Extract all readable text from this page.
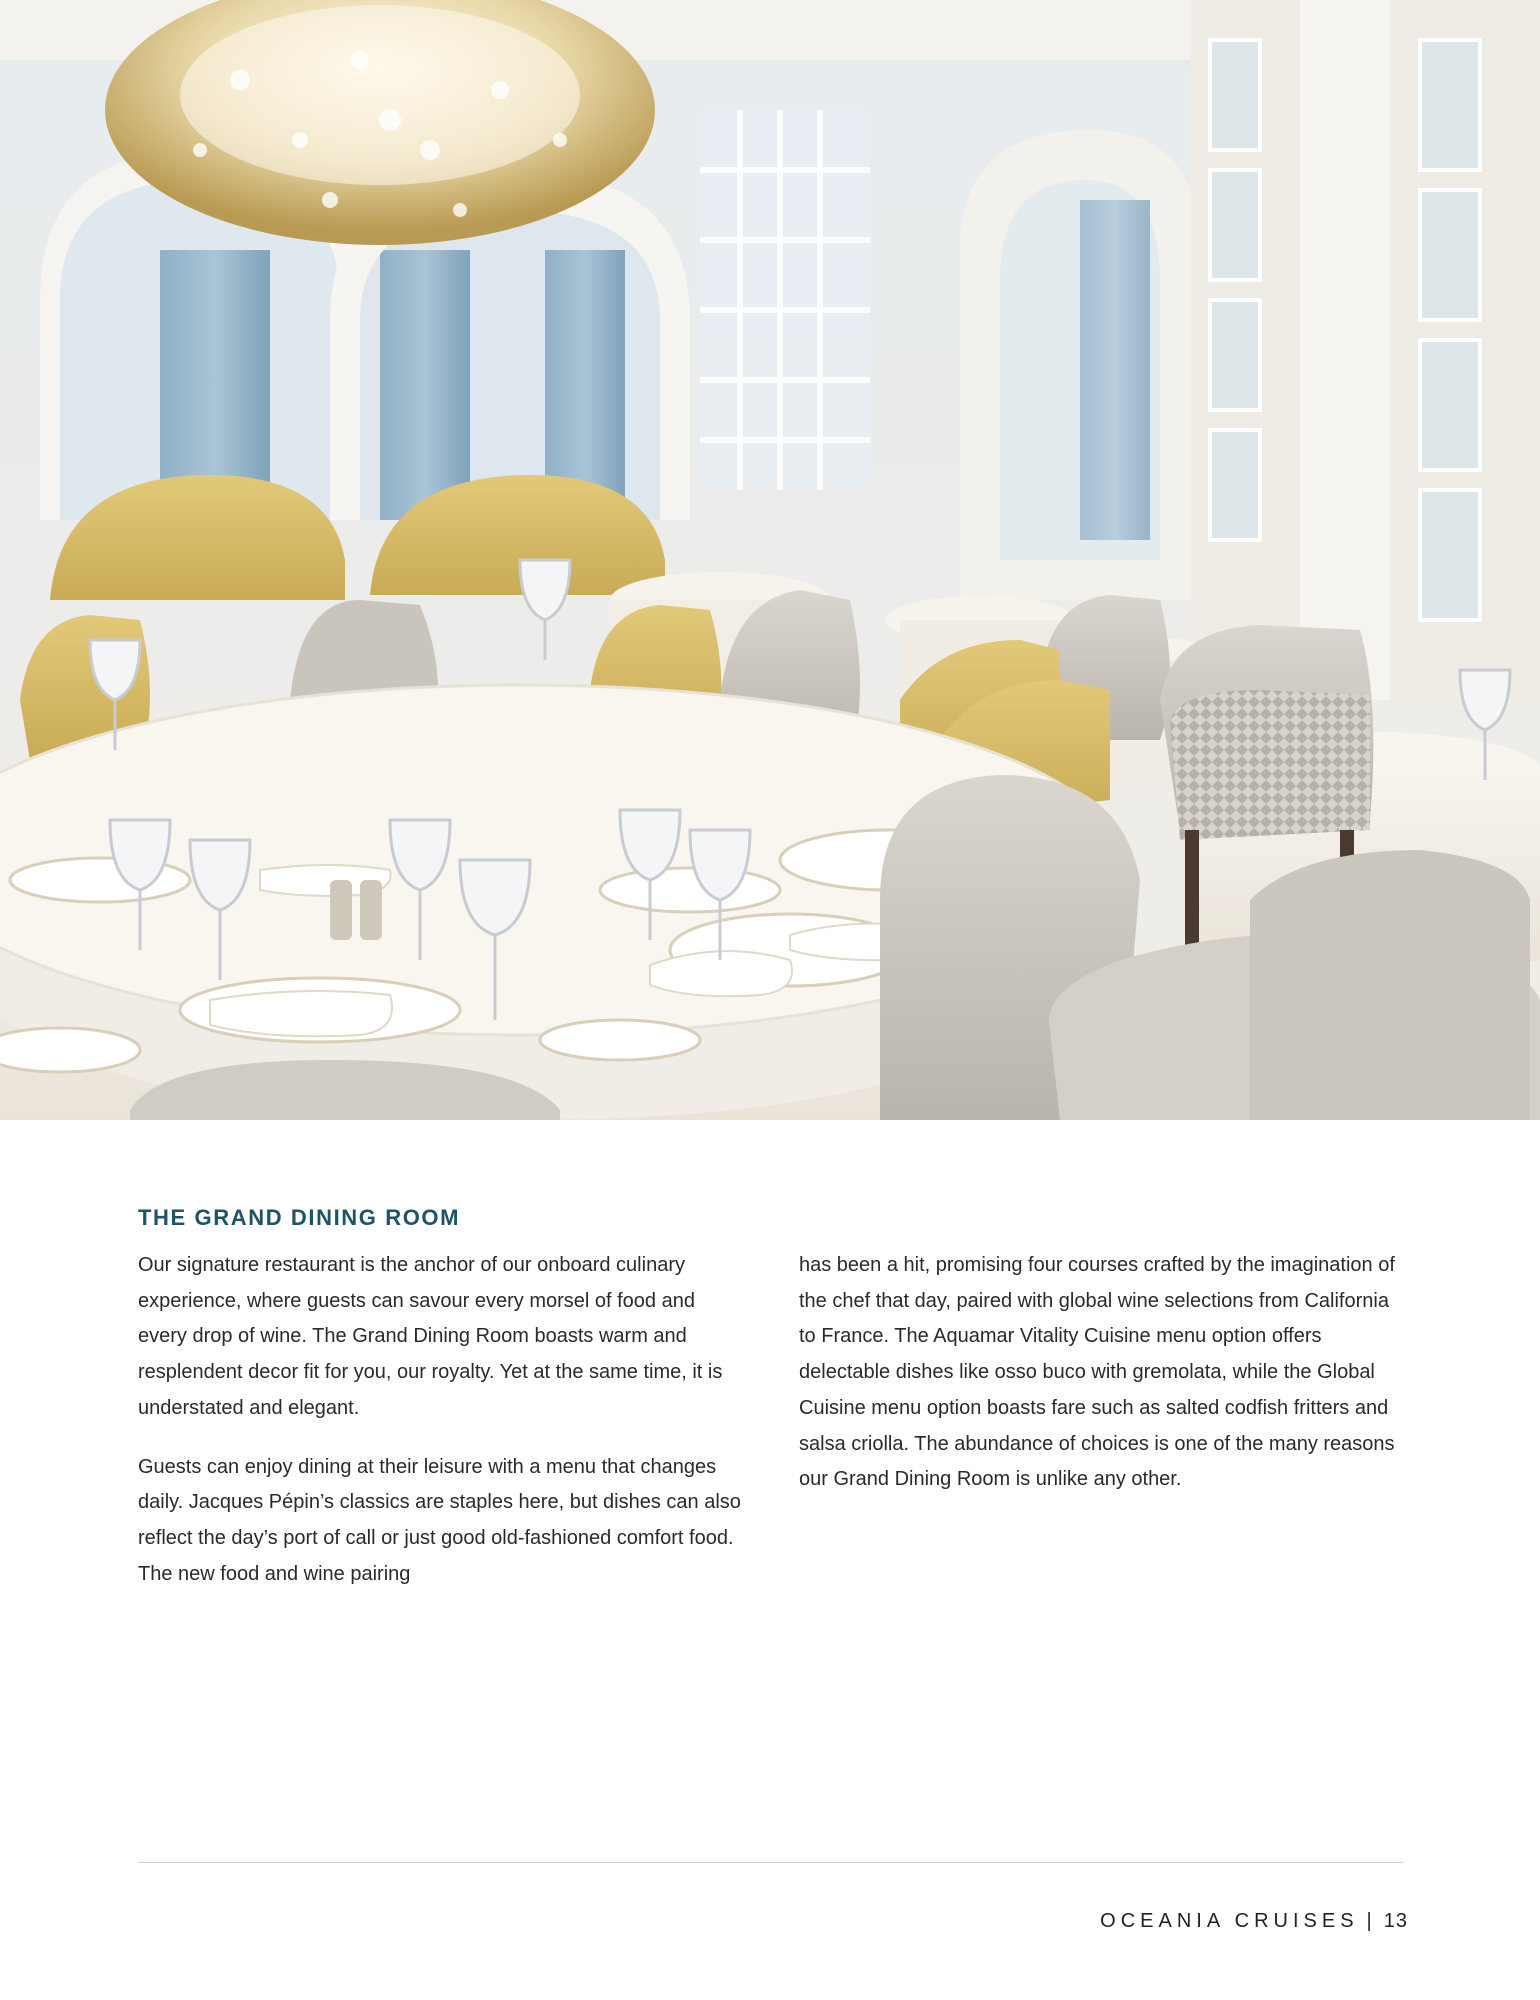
THE GRAND DINING ROOM

Our signature restaurant is the anchor of our onboard culinary experience, where guests can savour every morsel of food and every drop of wine. The Grand Dining Room boasts warm and resplendent decor fit for you, our royalty. Yet at the same time, it is understated and elegant.

Guests can enjoy dining at their leisure with a menu that changes daily. Jacques Pépin’s classics are staples here, but dishes can also reflect the day’s port of call or just good old-fashioned comfort food. The new food and wine pairing

has been a hit, promising four courses crafted by the imagination of the chef that day, paired with global wine selections from California to France. The Aquamar Vitality Cuisine menu option offers delectable dishes like osso buco with gremolata, while the Global Cuisine menu option boasts fare such as salted codfish fritters and salsa criolla. The abundance of choices is one of the many reasons our Grand Dining Room is unlike any other.

OCEANIA CRUISES | 13
